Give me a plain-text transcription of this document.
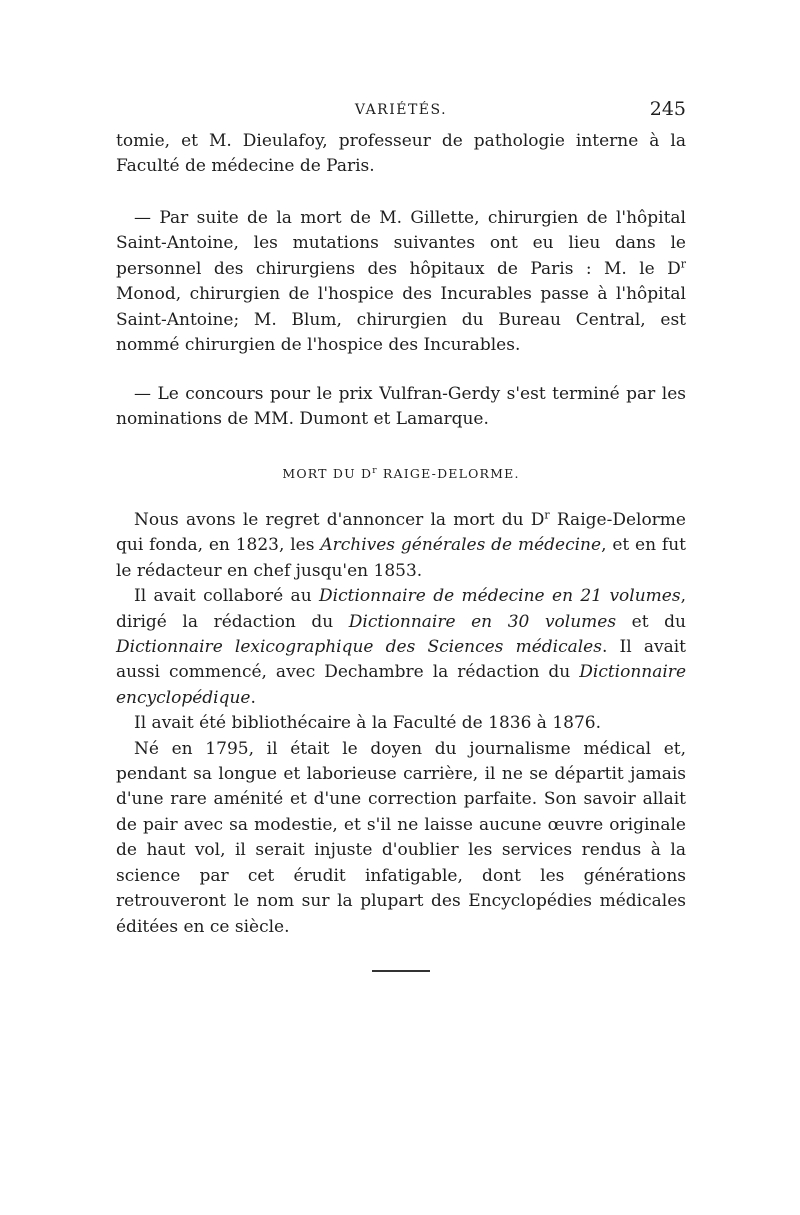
VARIÉTÉS.	245

tomie, et M. Dieulafoy, professeur de pathologie interne à la Faculté de médecine de Paris.

— Par suite de la mort de M. Gillette, chirurgien de l'hôpital Saint-Antoine, les mutations suivantes ont eu lieu dans le personnel des chirurgiens des hôpitaux de Paris : M. le $D^r$ Monod, chirurgien de l'hospice des Incurables passe à l'hôpital Saint-Antoine; M. Blum, chirurgien du Bureau Central, est nommé chirurgien de l'hospice des Incurables.

— Le concours pour le prix Vulfran-Gerdy s'est terminé par les nominations de MM. Dumont et Lamarque.

MORT DU $D^r$ RAIGE-DELORME.

Nous avons le regret d'annoncer la mort du $D^r$ Raige-Delorme qui fonda, en 1823, les Archives générales de médecine, et en fut le rédacteur en chef jusqu'en 1853.

Il avait collaboré au Dictionnaire de médecine en 21 volumes, dirigé la rédaction du Dictionnaire en 30 volumes et du Dictionnaire lexicographique des Sciences médicales. Il avait aussi commencé, avec Dechambre la rédaction du Dictionnaire encyclopédique.

Il avait été bibliothécaire à la Faculté de 1836 à 1876.

Né en 1795, il était le doyen du journalisme médical et, pendant sa longue et laborieuse carrière, il ne se départit jamais d'une rare aménité et d'une correction parfaite. Son savoir allait de pair avec sa modestie, et s'il ne laisse aucune œuvre originale de haut vol, il serait injuste d'oublier les services rendus à la science par cet érudit infatigable, dont les générations retrouveront le nom sur la plupart des Encyclopédies médicales éditées en ce siècle.
